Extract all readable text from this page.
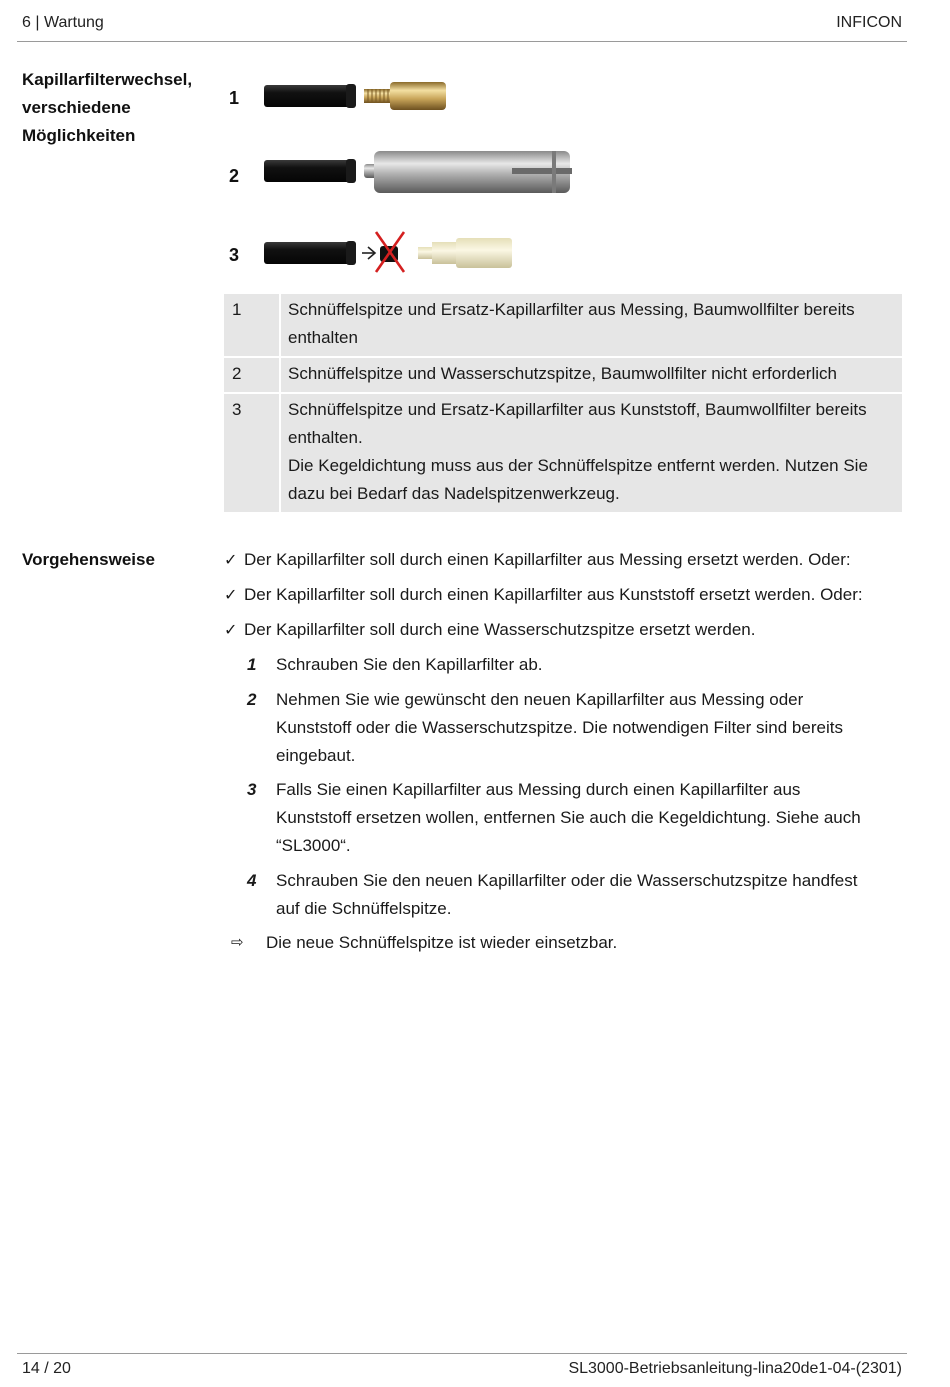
6 | Wartung	INFICON
Kapillarfilterwechsel,
verschiedene
Möglichkeiten
1
2
3
1	Schnüffelspitze und Ersatz-Kapillarfilter aus Messing, Baumwollfilter bereits
enthalten

2	Schnüffelspitze und Wasserschutzspitze, Baumwollfilter nicht erforderlich

3	Schnüffelspitze und Ersatz-Kapillarfilter aus Kunststoff, Baumwollfilter bereits
enthalten.
Die Kegeldichtung muss aus der Schnüffelspitze entfernt werden. Nutzen Sie
dazu bei Bedarf das Nadelspitzenwerkzeug.
Vorgehensweise	✓ Der Kapillarfilter soll durch einen Kapillarfilter aus Messing ersetzt werden. Oder:
✓ Der Kapillarfilter soll durch einen Kapillarfilter aus Kunststoff ersetzt werden. Oder:
✓ Der Kapillarfilter soll durch eine Wasserschutzspitze ersetzt werden.
1 Schrauben Sie den Kapillarfilter ab.
2 Nehmen Sie wie gewünscht den neuen Kapillarfilter aus Messing oder
Kunststoff oder die Wasserschutzspitze. Die notwendigen Filter sind bereits
eingebaut.
3 Falls Sie einen Kapillarfilter aus Messing durch einen Kapillarfilter aus
Kunststoff ersetzen wollen, entfernen Sie auch die Kegeldichtung. Siehe auch
“SL3000“.
4 Schrauben Sie den neuen Kapillarfilter oder die Wasserschutzspitze handfest
auf die Schnüffelspitze.
⇨ Die neue Schnüffelspitze ist wieder einsetzbar.
14 / 20	SL3000-Betriebsanleitung-lina20de1-04-(2301)
